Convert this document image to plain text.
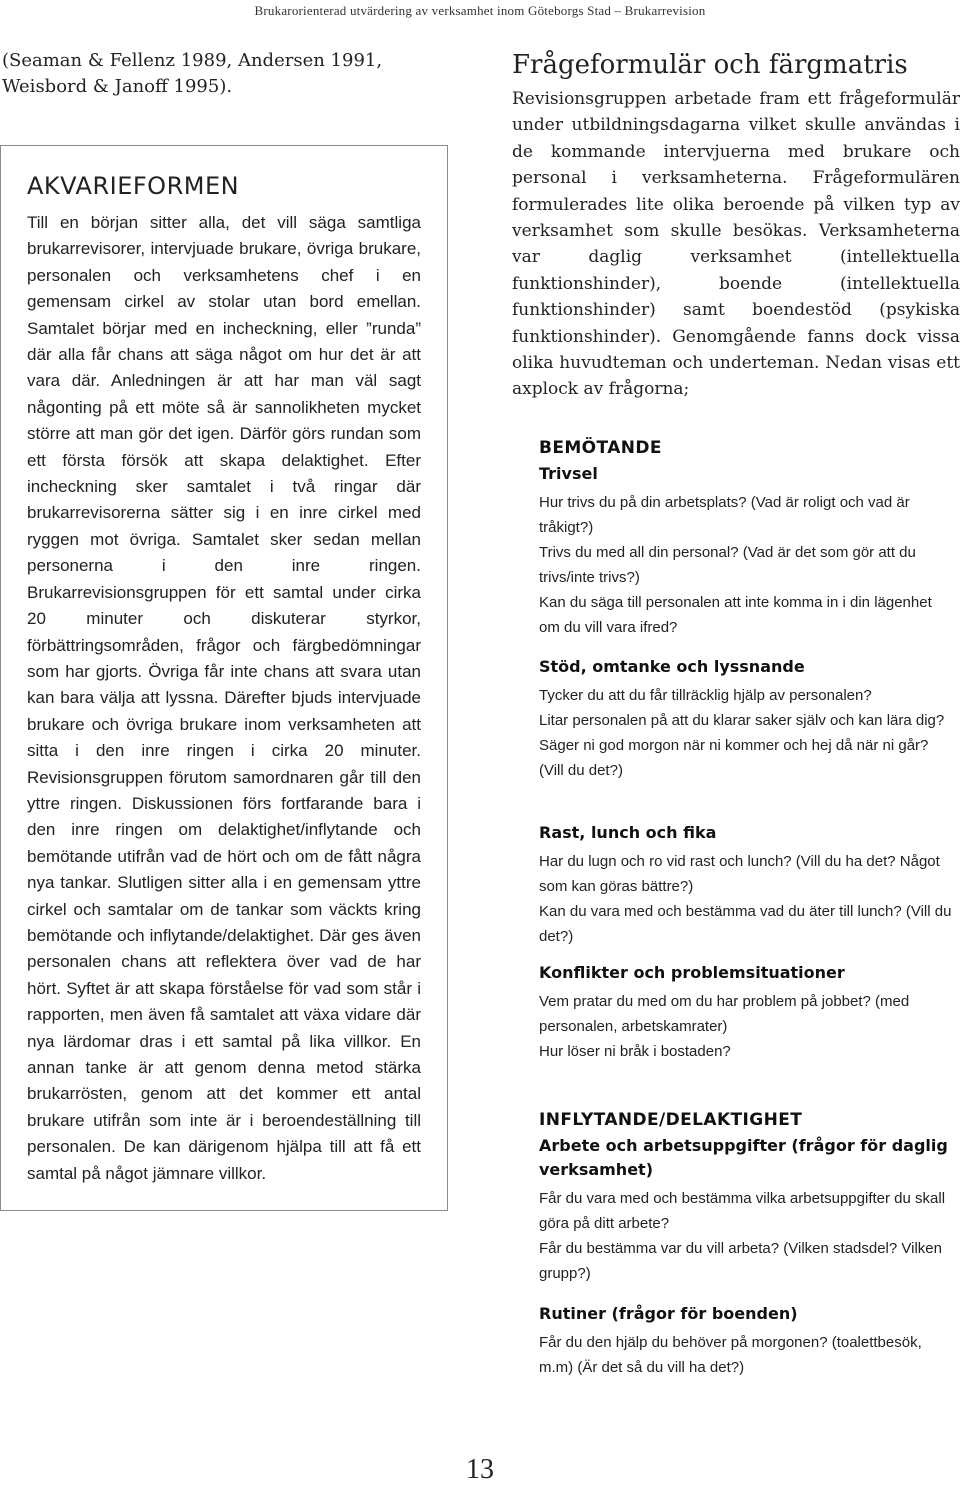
Brukarorienterad utvärdering av verksamhet inom Göteborgs Stad – Brukarrevision

(Seaman & Fellenz 1989, Andersen 1991, Weisbord & Janoff 1995).

AKVARIEFORMEN

Till en början sitter alla, det vill säga samtliga brukarrevisorer, intervjuade brukare, övriga brukare, personalen och verksamhetens chef i en gemensam cirkel av stolar utan bord emellan. Samtalet börjar med en incheckning, eller ”runda” där alla får chans att säga något om hur det är att vara där. Anledningen är att har man väl sagt någonting på ett möte så är sannolikheten mycket större att man gör det igen. Därför görs rundan som ett första försök att skapa delaktighet. Efter incheckning sker samtalet i två ringar där brukarrevisorerna sätter sig i en inre cirkel med ryggen mot övriga. Samtalet sker sedan mellan personerna i den inre ringen. Brukarrevisionsgruppen för ett samtal under cirka 20 minuter och diskuterar styrkor, förbättringsområden, frågor och färgbedömningar som har gjorts. Övriga får inte chans att svara utan kan bara välja att lyssna. Därefter bjuds intervjuade brukare och övriga brukare inom verksamheten att sitta i den inre ringen i cirka 20 minuter. Revisionsgruppen förutom samordnaren går till den yttre ringen. Diskussionen förs fortfarande bara i den inre ringen om delaktighet/inflytande och bemötande utifrån vad de hört och om de fått några nya tankar. Slutligen sitter alla i en gemensam yttre cirkel och samtalar om de tankar som väckts kring bemötande och inflytande/delaktighet. Där ges även personalen chans att reflektera över vad de har hört. Syftet är att skapa förståelse för vad som står i rapporten, men även få samtalet att växa vidare där nya lärdomar dras i ett samtal på lika villkor. En annan tanke är att genom denna metod stärka brukarrösten, genom att det kommer ett antal brukare utifrån som inte är i beroendeställning till personalen. De kan därigenom hjälpa till att få ett samtal på något jämnare villkor.

Frågeformulär och färgmatris

Revisionsgruppen arbetade fram ett frågeformulär under utbildningsdagarna vilket skulle användas i de kommande intervjuerna med brukare och personal i verksamheterna. Frågeformulären formulerades lite olika beroende på vilken typ av verksamhet som skulle besökas. Verksamheterna var daglig verksamhet (intellektuella funktionshinder), boende (intellektuella funktionshinder) samt boendestöd (psykiska funktionshinder). Genomgående fanns dock vissa olika huvudteman och underteman. Nedan visas ett axplock av frågorna;

BEMÖTANDE
Trivsel

Hur trivs du på din arbetsplats? (Vad är roligt och vad är tråkigt?)

Trivs du med all din personal? (Vad är det som gör att du trivs/inte trivs?)

Kan du säga till personalen att inte komma in i din lägenhet om du vill vara ifred?

Stöd, omtanke och lyssnande

Tycker du att du får tillräcklig hjälp av personalen?

Litar personalen på att du klarar saker själv och kan lära dig?

Säger ni god morgon när ni kommer och hej då när ni går? (Vill du det?)

Rast, lunch och fika

Har du lugn och ro vid rast och lunch? (Vill du ha det? Något som kan göras bättre?)

Kan du vara med och bestämma vad du äter till lunch? (Vill du det?)

Konflikter och problemsituationer

Vem pratar du med om du har problem på jobbet? (med personalen, arbetskamrater)

Hur löser ni bråk i bostaden?

INFLYTANDE/DELAKTIGHET
Arbete och arbetsuppgifter (frågor för daglig verksamhet)

Får du vara med och bestämma vilka arbetsuppgifter du skall göra på ditt arbete?

Får du bestämma var du vill arbeta? (Vilken stadsdel? Vilken grupp?)

Rutiner (frågor för boenden)

Får du den hjälp du behöver på morgonen? (toalettbesök, m.m) (Är det så du vill ha det?)

13
